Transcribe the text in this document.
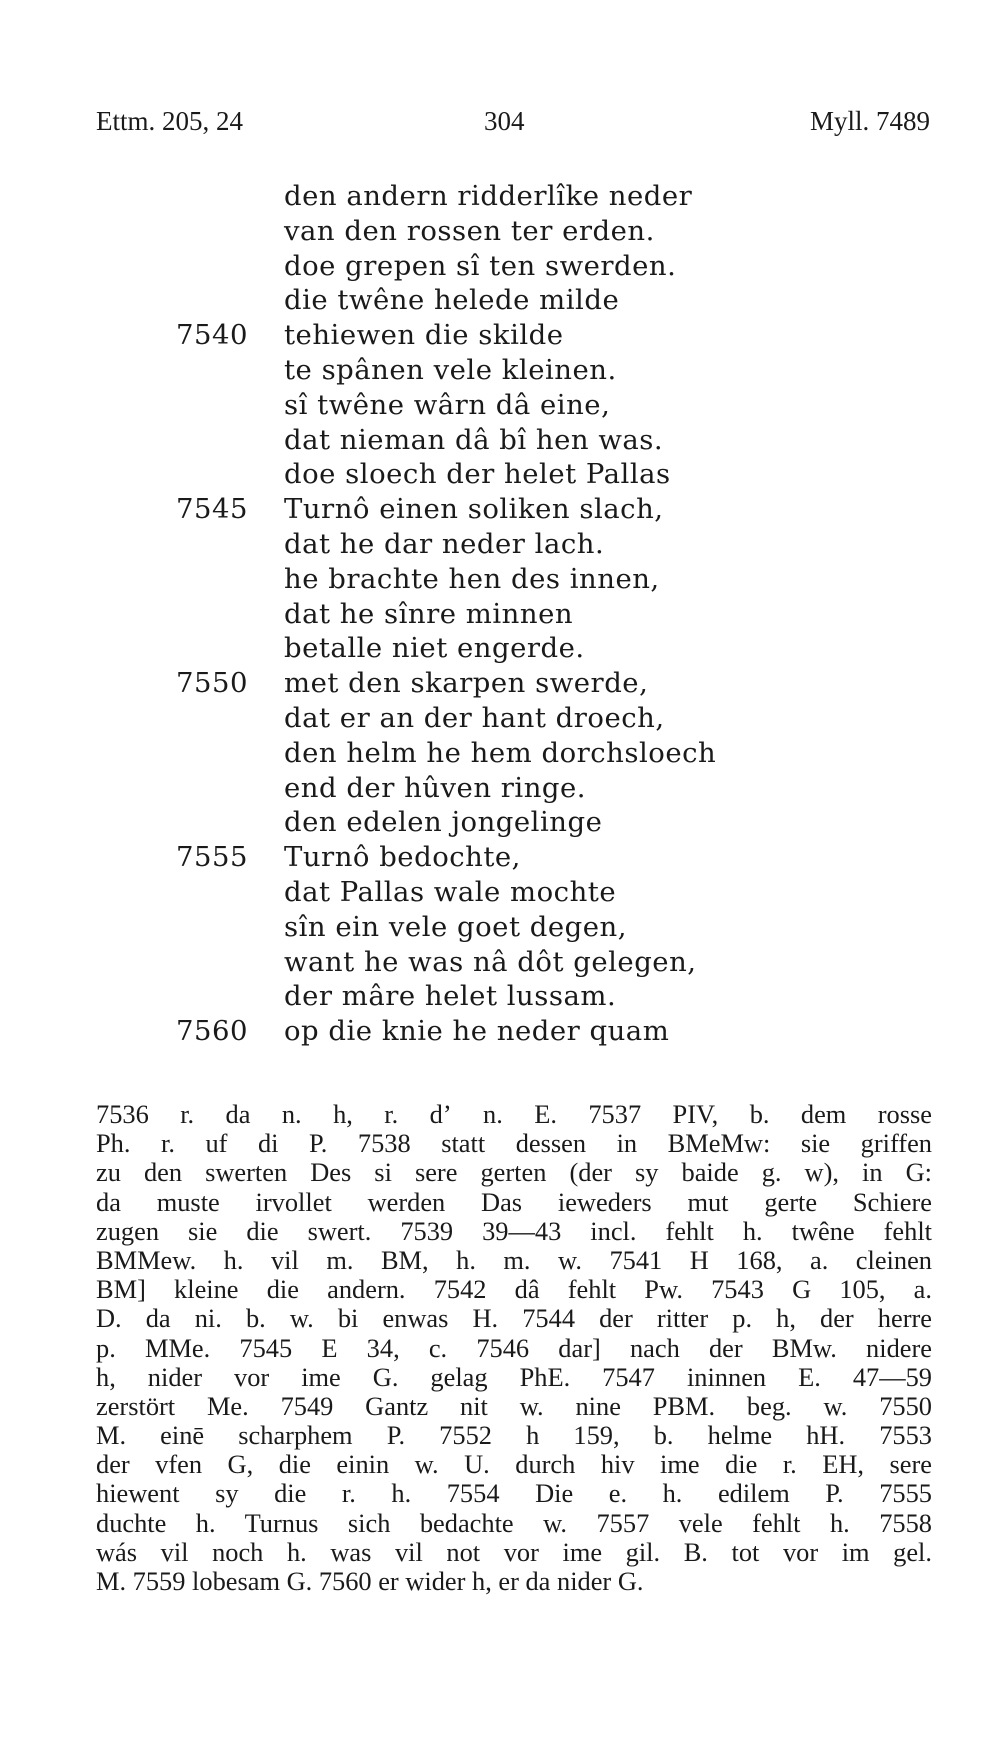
Ettm. 205, 24	304	Myll. 7489
den andern ridderlîke neder
van den rossen ter erden.
doe grepen sî ten swerden.
die twêne helede milde
7540 tehiewen die skilde
te spânen vele kleinen.
sî twêne wârn dâ eine,
dat nieman dâ bî hen was.
doe sloech der helet Pallas
7545 Turnô einen soliken slach,
dat he dar neder lach.
he brachte hen des innen,
dat he sînre minnen
betalle niet engerde.
7550 met den skarpen swerde,
dat er an der hant droech,
den helm he hem dorchsloech
end der hûven ringe.
den edelen jongelinge
7555 Turnô bedochte,
dat Pallas wale mochte
sîn ein vele goet degen,
want he was nâ dôt gelegen,
der mâre helet lussam.
7560 op die knie he neder quam
7536 r. da n. h, r. dʼ n. E. 7537 PIV, b. dem rosse
Ph. r. uf di P. 7538 statt dessen in BMeMw: sie griffen
zu den swerten Des si sere gerten (der sy baide g. w), in G:
da muste irvollet werden Das ieweders mut gerte Schiere
zugen sie die swert. 7539 39—43 incl. fehlt h. twêne fehlt
BMMew. h. vil m. BM, h. m. w. 7541 H 168, a. cleinen
BM] kleine die andern. 7542 dâ fehlt Pw. 7543 G 105, a.
D. da ni. b. w. bi enwas H. 7544 der ritter p. h, der herre
p. MMe. 7545 E 34, c. 7546 dar] nach der BMw. nidere
h, nider vor ime G. gelag PhE. 7547 ininnen E. 47—59
zerstört Me. 7549 Gantz nit w. nine PBM. beg. w. 7550
M. einē scharphem P. 7552 h 159, b. helme hH. 7553
der vfen G, die einin w. U. durch hiv ime die r. EH, sere
hiewent sy die r. h. 7554 Die e. h. edilem P. 7555
duchte h. Turnus sich bedachte w. 7557 vele fehlt h. 7558
wás vil noch h. was vil not vor ime gil. B. tot vor im gel.
M. 7559 lobesam G. 7560 er wider h, er da nider G.
